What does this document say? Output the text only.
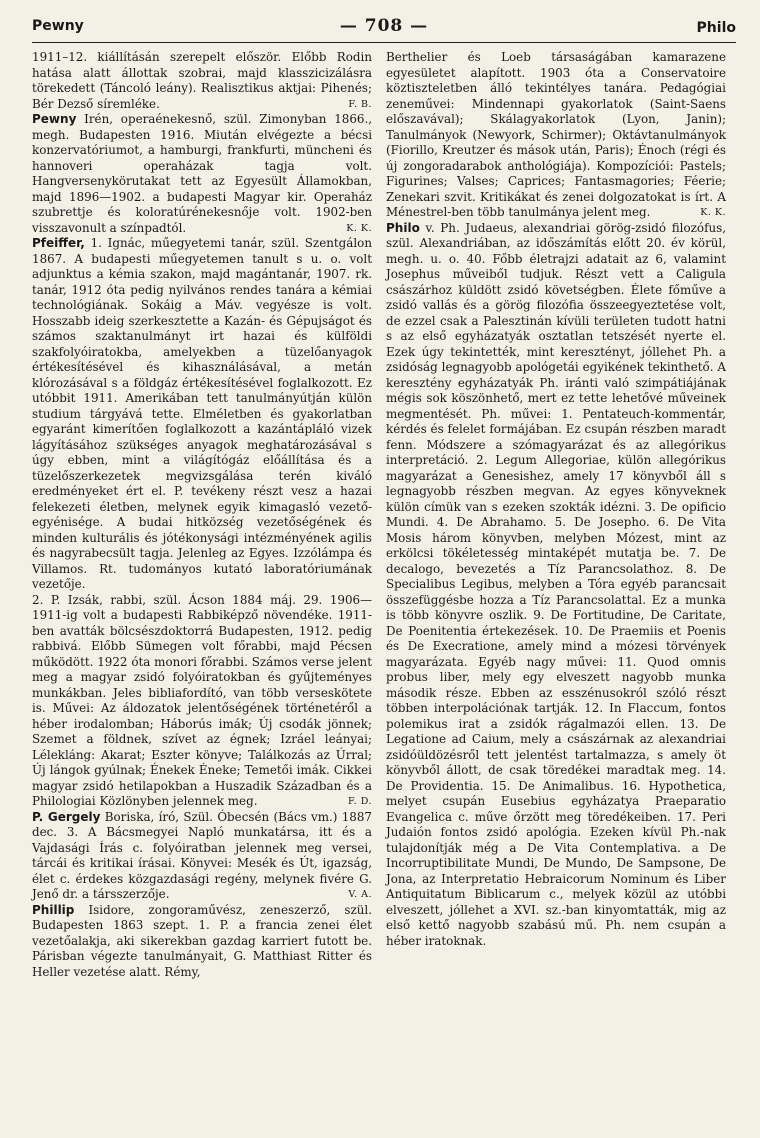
Pewny	— 708 —	Philo

1911–12. kiállításán szerepelt először. Előbb Rodin hatása alatt állottak szobrai, majd klasszicizálásra törekedett (Táncoló leány). Realisztikus aktjai: Pihenés; Bér Dezső síremléke.	F. B.

Pewny Irén, operaénekesnő, szül. Zimonyban 1866., megh. Budapesten 1916. Miután elvégezte a bécsi konzervatóriumot, a hamburgi, frankfurti, müncheni és hannoveri operaházak tagja volt. Hangversenykörutakat tett az Egyesült Államokban, majd 1896—1902. a budapesti Magyar kir. Operaház szubrettje és koloratúrénekesnője volt. 1902-ben visszavonult a színpadtól.	K. K.

Pfeiffer, 1. Ignác, műegyetemi tanár, szül. Szentgálon 1867. A budapesti műegyetemen tanult s u. o. volt adjunktus a kémia szakon, majd magántanár, 1907. rk. tanár, 1912 óta pedig nyilvános rendes tanára a kémiai technológiának. Sokáig a Máv. vegyésze is volt. Hosszabb ideig szerkesztette a Kazán- és Gépujságot és számos szaktanulmányt irt hazai és külföldi szakfolyóiratokba, amelyekben a tüzelőanyagok értékesítésével és kihasználásával, a metán klórozásával s a földgáz értékesítésével foglalkozott. Ez utóbbit 1911. Amerikában tett tanulmányútján külön studium tárgyává tette. Elméletben és gyakorlatban egyaránt kimerítően foglalkozott a kazántápláló vizek lágyításához szükséges anyagok meghatározásával s úgy ebben, mint a világítógáz előállítása és a tüzelőszerkezetek megvizsgálása terén kiváló eredményeket ért el. P. tevékeny részt vesz a hazai felekezeti életben, melynek egyik kimagasló vezető-egyénisége. A budai hitközség vezetőségének és minden kulturális és jótékonysági intézményének agilis és nagyrabecsült tagja. Jelenleg az Egyes. Izzólámpa és Villamos. Rt. tudományos kutató laboratóriumának vezetője.

2. P. Izsák, rabbi, szül. Ácson 1884 máj. 29. 1906—1911-ig volt a budapesti Rabbiképző növendéke. 1911-ben avatták bölcsészdoktorrá Budapesten, 1912. pedig rabbivá. Előbb Sümegen volt főrabbi, majd Pécsen működött. 1922 óta monori főrabbi. Számos verse jelent meg a magyar zsidó folyóiratokban és gyűjteményes munkákban. Jeles bibliafordító, van több verseskötete is. Művei: Az áldozatok jelentőségének történetéről a héber irodalomban; Háborús imák; Új csodák jönnek; Szemet a földnek, szívet az égnek; Izráel leányai; Lélekláng: Akarat; Eszter könyve; Találkozás az Úrral; Új lángok gyúlnak; Énekek Éneke; Temetői imák. Cikkei magyar zsidó hetilapokban a Huszadik Században és a Philologiai Közlönyben jelennek meg.	F. D.

P. Gergely Boriska, író, Szül. Óbecsén (Bács vm.) 1887 dec. 3. A Bácsmegyei Napló munkatársa, itt és a Vajdasági Írás c. folyóiratban jelennek meg versei, tárcái és kritikai írásai. Könyvei: Mesék és Út, igazság, élet c. érdekes közgazdasági regény, melynek fivére G. Jenő dr. a társszerzője.	V. A.

Phillip Isidore, zongoraművész, zeneszerző, szül. Budapesten 1863 szept. 1. P. a francia zenei élet vezetőalakja, aki sikerekban gazdag karriert futott be. Párisban végezte tanulmányait, G. Matthiast Ritter és Heller vezetése alatt. Rémy,

Berthelier és Loeb társaságában kamarazene egyesületet alapított. 1903 óta a Conservatoire köztiszteletben álló tekintélyes tanára. Pedagógiai zeneművei: Mindennapi gyakorlatok (Saint-Saens előszavával); Skálagyakorlatok (Lyon, Janin); Tanulmányok (Newyork, Schirmer); Oktávtanulmányok (Fiorillo, Kreutzer és mások után, Paris); Énoch (régi és új zongoradarabok anthológiája). Kompozíciói: Pastels; Figurines; Valses; Caprices; Fantasmagories; Féerie; Zenekari szvit. Kritikákat és zenei dolgozatokat is írt. A Ménestrel-ben több tanulmánya jelent meg.	K. K.

Philo v. Ph. Judaeus, alexandriai görög-zsidó filozófus, szül. Alexandriában, az időszámítás előtt 20. év körül, megh. u. o. 40. Főbb életrajzi adatait az 6, valamint Josephus műveiből tudjuk. Részt vett a Caligula császárhoz küldött zsidó követségben. Élete főműve a zsidó vallás és a görög filozófia összeegyeztetése volt, de ezzel csak a Palesztinán kívüli területen tudott hatni s az első egyházatyák osztatlan tetszését nyerte el. Ezek úgy tekintették, mint keresztényt, jóllehet Ph. a zsidóság legnagyobb apológetái egyikének tekinthető. A keresztény egyházatyák Ph. iránti való szimpátiájának mégis sok köszönhető, mert ez tette lehetővé műveinek megmentését. Ph. művei: 1. Pentateuch-kommentár, kérdés és felelet formájában. Ez csupán részben maradt fenn. Módszere a szómagyarázat és az allegórikus interpretáció. 2. Legum Allegoriae, külön allegórikus magyarázat a Genesishez, amely 17 könyvből áll s legnagyobb részben megvan. Az egyes könyveknek külön címük van s ezeken szokták idézni. 3. De opificio Mundi. 4. De Abrahamo. 5. De Josepho. 6. De Vita Mosis három könyvben, melyben Mózest, mint az erkölcsi tökéletesség mintaképét mutatja be. 7. De decalogo, bevezetés a Tíz Parancsolathoz. 8. De Specialibus Legibus, melyben a Tóra egyéb parancsait összefüggésbe hozza a Tíz Parancsolattal. Ez a munka is több könyvre oszlik. 9. De Fortitudine, De Caritate, De Poenitentia értekezések. 10. De Praemiis et Poenis és De Execratione, amely mind a mózesi törvények magyarázata. Egyéb nagy művei: 11. Quod omnis probus liber, mely egy elveszett nagyobb munka második része. Ebben az esszénusokról szóló részt többen interpolációnak tartják. 12. In Flaccum, fontos polemikus irat a zsidók rágalmazói ellen. 13. De Legatione ad Caium, mely a császárnak az alexandriai zsidóüldözésről tett jelentést tartalmazza, s amely öt könyvből állott, de csak töredékei maradtak meg. 14. De Providentia. 15. De Animalibus. 16. Hypothetica, melyet csupán Eusebius egyházatya Praeparatio Evangelica c. műve őrzött meg töredékeiben. 17. Peri Judaión fontos zsidó apológia. Ezeken kívül Ph.-nak tulajdonítják még a De Vita Contemplativa. a De Incorruptibilitate Mundi, De Mundo, De Sampsone, De Jona, az Interpretatio Hebraicorum Nominum és Liber Antiquitatum Biblicarum c., melyek közül az utóbbi elveszett, jóllehet a XVI. sz.-ban kinyomtatták, mig az első kettő nagyobb szabású mű. Ph. nem csupán a héber iratoknak.
